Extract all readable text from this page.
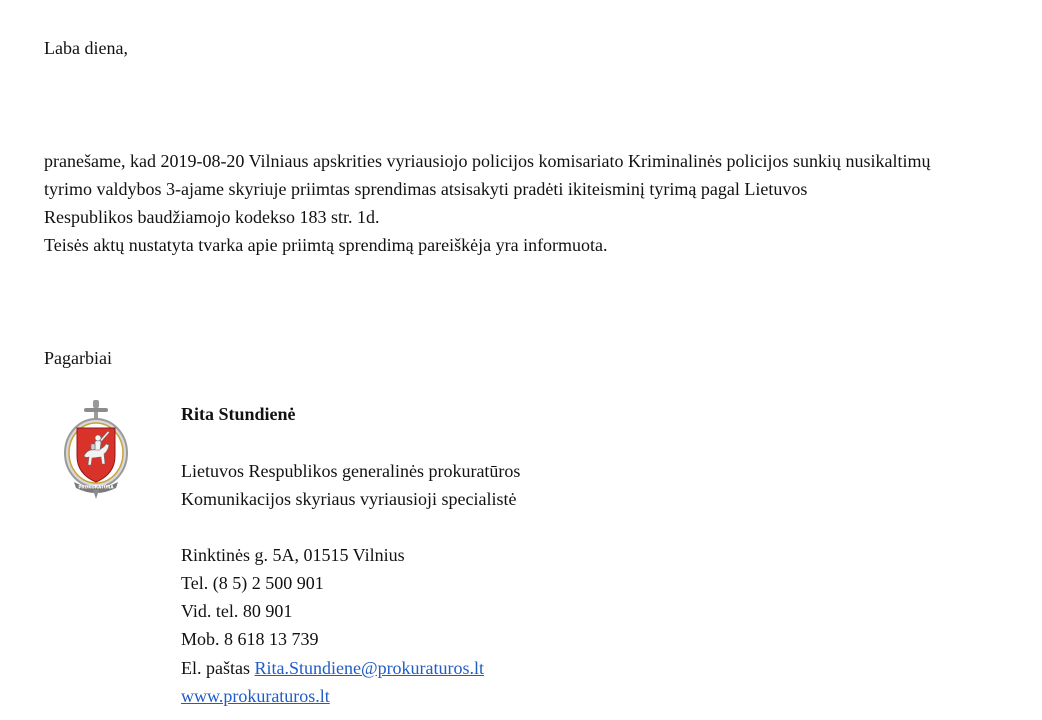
Laba diena,

pranešame, kad 2019-08-20 Vilniaus apskrities vyriausiojo policijos komisariato Kriminalinės policijos sunkių nusikaltimų

tyrimo valdybos 3-ajame skyriuje priimtas sprendimas atsisakyti pradėti ikiteisminį tyrimą pagal Lietuvos

Respublikos baudžiamojo kodekso 183 str. 1d.

Teisės aktų nustatyta tvarka apie priimtą sprendimą pareiškėja yra informuota.

Pagarbiai

PROKURATŪRA

Rita Stundienė

Lietuvos Respublikos generalinės prokuratūros

Komunikacijos skyriaus vyriausioji specialistė

Rinktinės g. 5A, 01515 Vilnius

Tel. (8 5) 2 500 901

Vid. tel. 80 901

Mob. 8 618 13 739

El. paštas Rita.Stundiene@prokuraturos.lt

www.prokuraturos.lt
